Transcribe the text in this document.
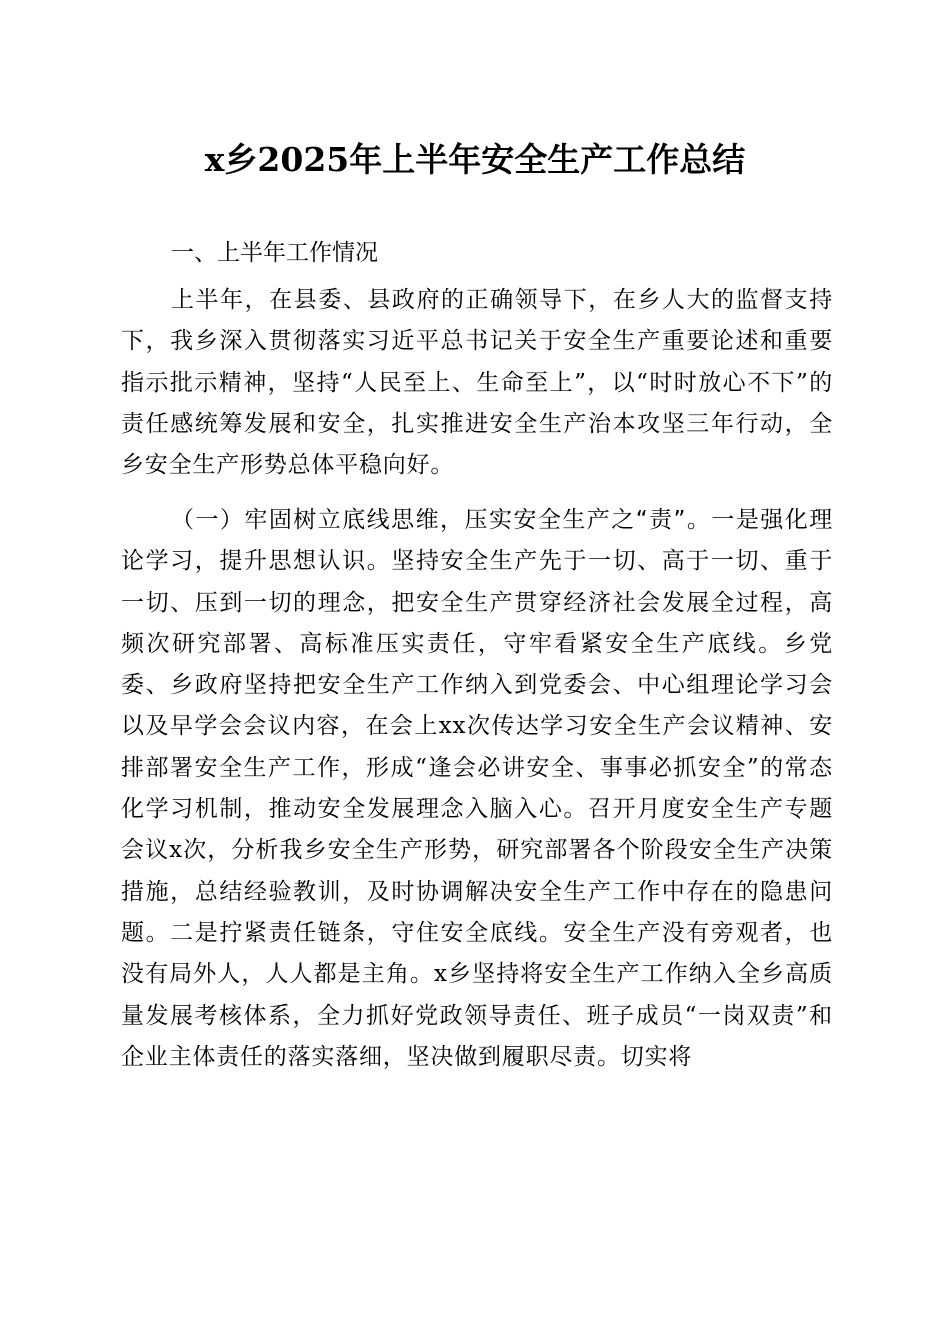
x乡2025年上半年安全生产工作总结
一、上半年工作情况

上半年，在县委、县政府的正确领导下，在乡人大的监督支持下，我乡深入贯彻落实习近平总书记关于安全生产重要论述和重要指示批示精神，坚持“人民至上、生命至上”，以“时时放心不下”的责任感统筹发展和安全，扎实推进安全生产治本攻坚三年行动，全乡安全生产形势总体平稳向好。

（一）牢固树立底线思维，压实安全生产之“责”。一是强化理论学习，提升思想认识。坚持安全生产先于一切、高于一切、重于一切、压到一切的理念，把安全生产贯穿经济社会发展全过程，高频次研究部署、高标准压实责任，守牢看紧安全生产底线。乡党委、乡政府坚持把安全生产工作纳入到党委会、中心组理论学习会以及早学会会议内容，在会上xx次传达学习安全生产会议精神、安排部署安全生产工作，形成“逢会必讲安全、事事必抓安全”的常态化学习机制，推动安全发展理念入脑入心。召开月度安全生产专题会议x次，分析我乡安全生产形势，研究部署各个阶段安全生产决策措施，总结经验教训，及时协调解决安全生产工作中存在的隐患问题。二是拧紧责任链条，守住安全底线。安全生产没有旁观者，也没有局外人，人人都是主角。x乡坚持将安全生产工作纳入全乡高质量发展考核体系，全力抓好党政领导责任、班子成员“一岗双责”和企业主体责任的落实落细，坚决做到履职尽责。切实将
